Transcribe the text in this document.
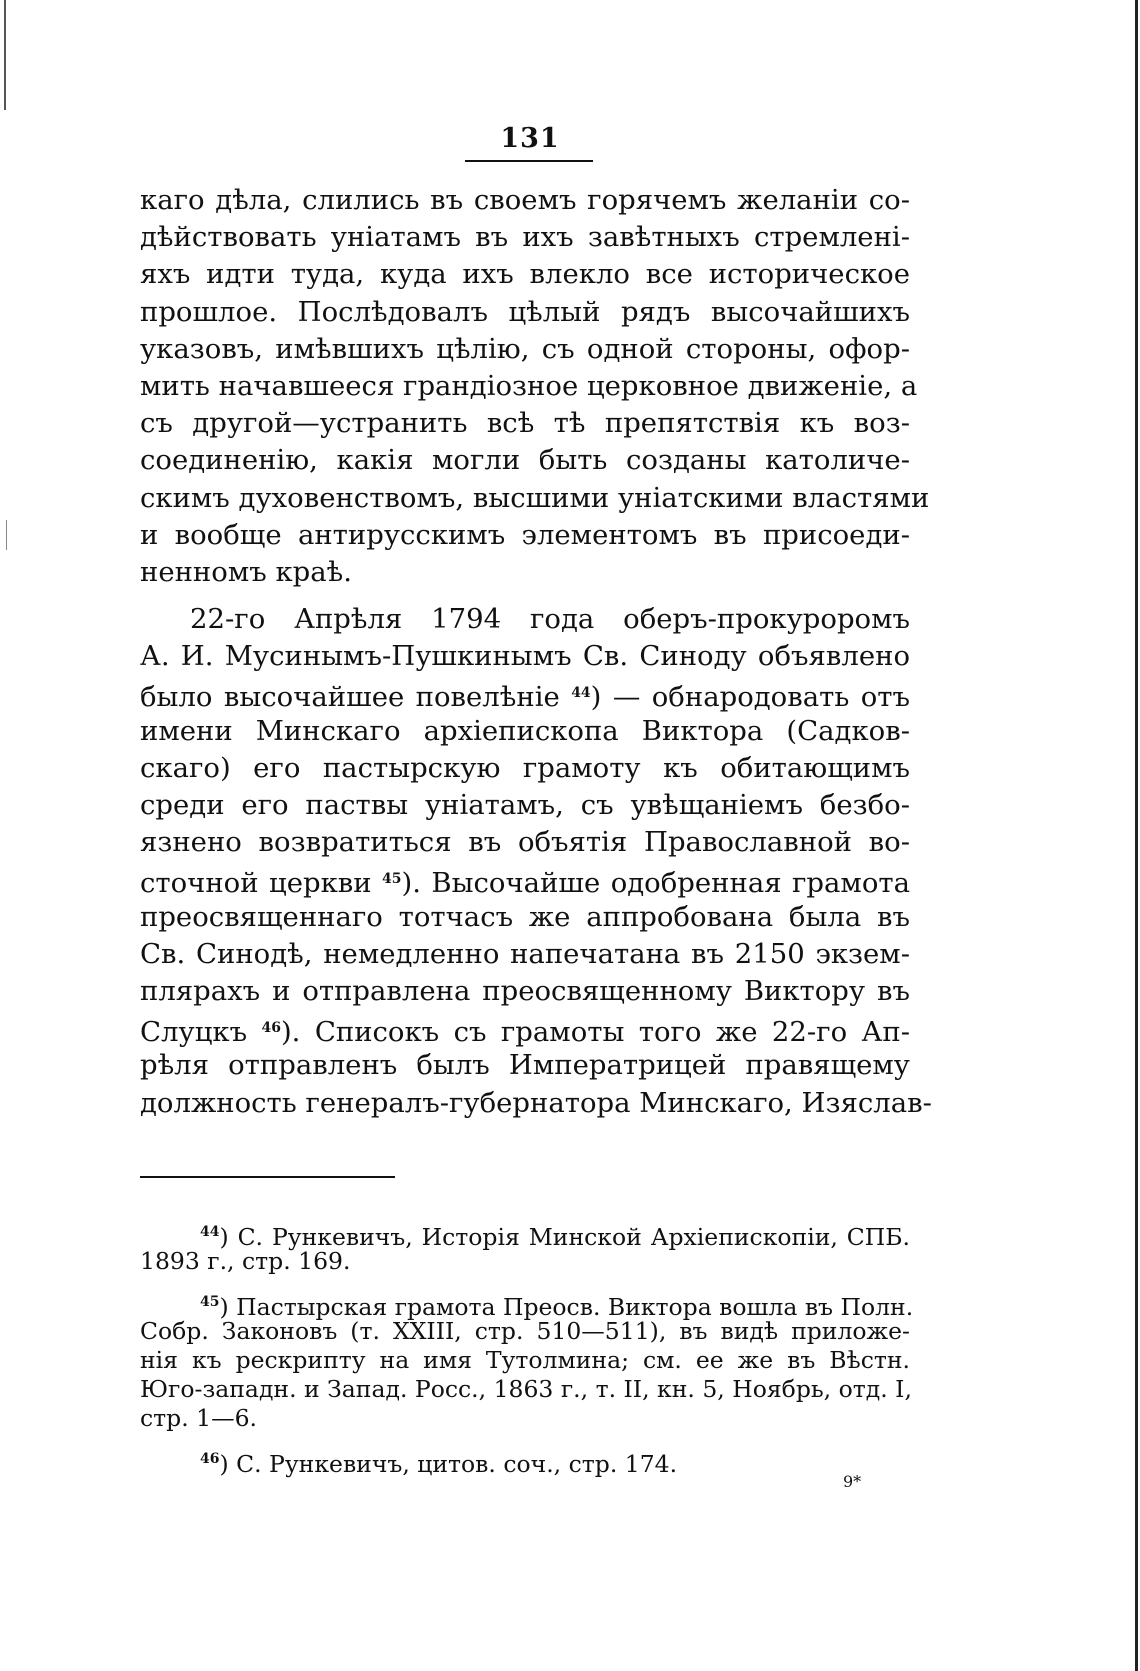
131
каго дѣла, слились въ своемъ горячемъ желанiи со-
дѣйствовать унiатамъ въ ихъ завѣтныхъ стремленi-
яхъ идти туда, куда ихъ влекло все историческое
прошлое. Послѣдовалъ цѣлый рядъ высочайшихъ
указовъ, имѣвшихъ цѣлiю, съ одной стороны, офор-
мить начавшееся грандiозное церковное движенiе, а
съ другой—устранить всѣ тѣ препятствiя къ воз-
соединенiю, какiя могли быть созданы католиче-
скимъ духовенствомъ, высшими унiатскими властями
и вообще антирусскимъ элементомъ въ присоеди-
ненномъ краѣ.
22-го Апрѣля 1794 года оберъ-прокуроромъ
А. И. Мусинымъ-Пушкинымъ Св. Синоду объявлено
было высочайшее повелѣнiе $^{44}$) — обнародовать отъ
имени Минскаго архiепископа Виктора (Садков-
скаго) его пастырскую грамоту къ обитающимъ
среди его паствы унiатамъ, съ увѣщанiемъ безбо-
язнено возвратиться въ объятiя Православной во-
сточной церкви $^{45}$). Высочайше одобренная грамота
преосвященнаго тотчасъ же аппробована была въ
Св. Синодѣ, немедленно напечатана въ 2150 экзем-
плярахъ и отправлена преосвященному Виктору въ
Слуцкъ $^{46}$). Списокъ съ грамоты того же 22-го Ап-
рѣля отправленъ былъ Императрицей правящему
должность генералъ-губернатора Минскаго, Изяслав-
$^{44}$) С. Рункевичъ, Исторiя Минской Архiепископiи, СПБ.
1893 г., стр. 169.
$^{45}$) Пастырская грамота Преосв. Виктора вошла въ Полн.
Собр. Законовъ (т. XXIII, стр. 510—511), въ видѣ приложе-
нiя къ рескрипту на имя Тутолмина; см. ее же въ Вѣстн.
Юго-западн. и Запад. Росс., 1863 г., т. II, кн. 5, Ноябрь, отд. I,
стр. 1—6.
$^{46}$) С. Рункевичъ, цитов. соч., стр. 174.
9*
